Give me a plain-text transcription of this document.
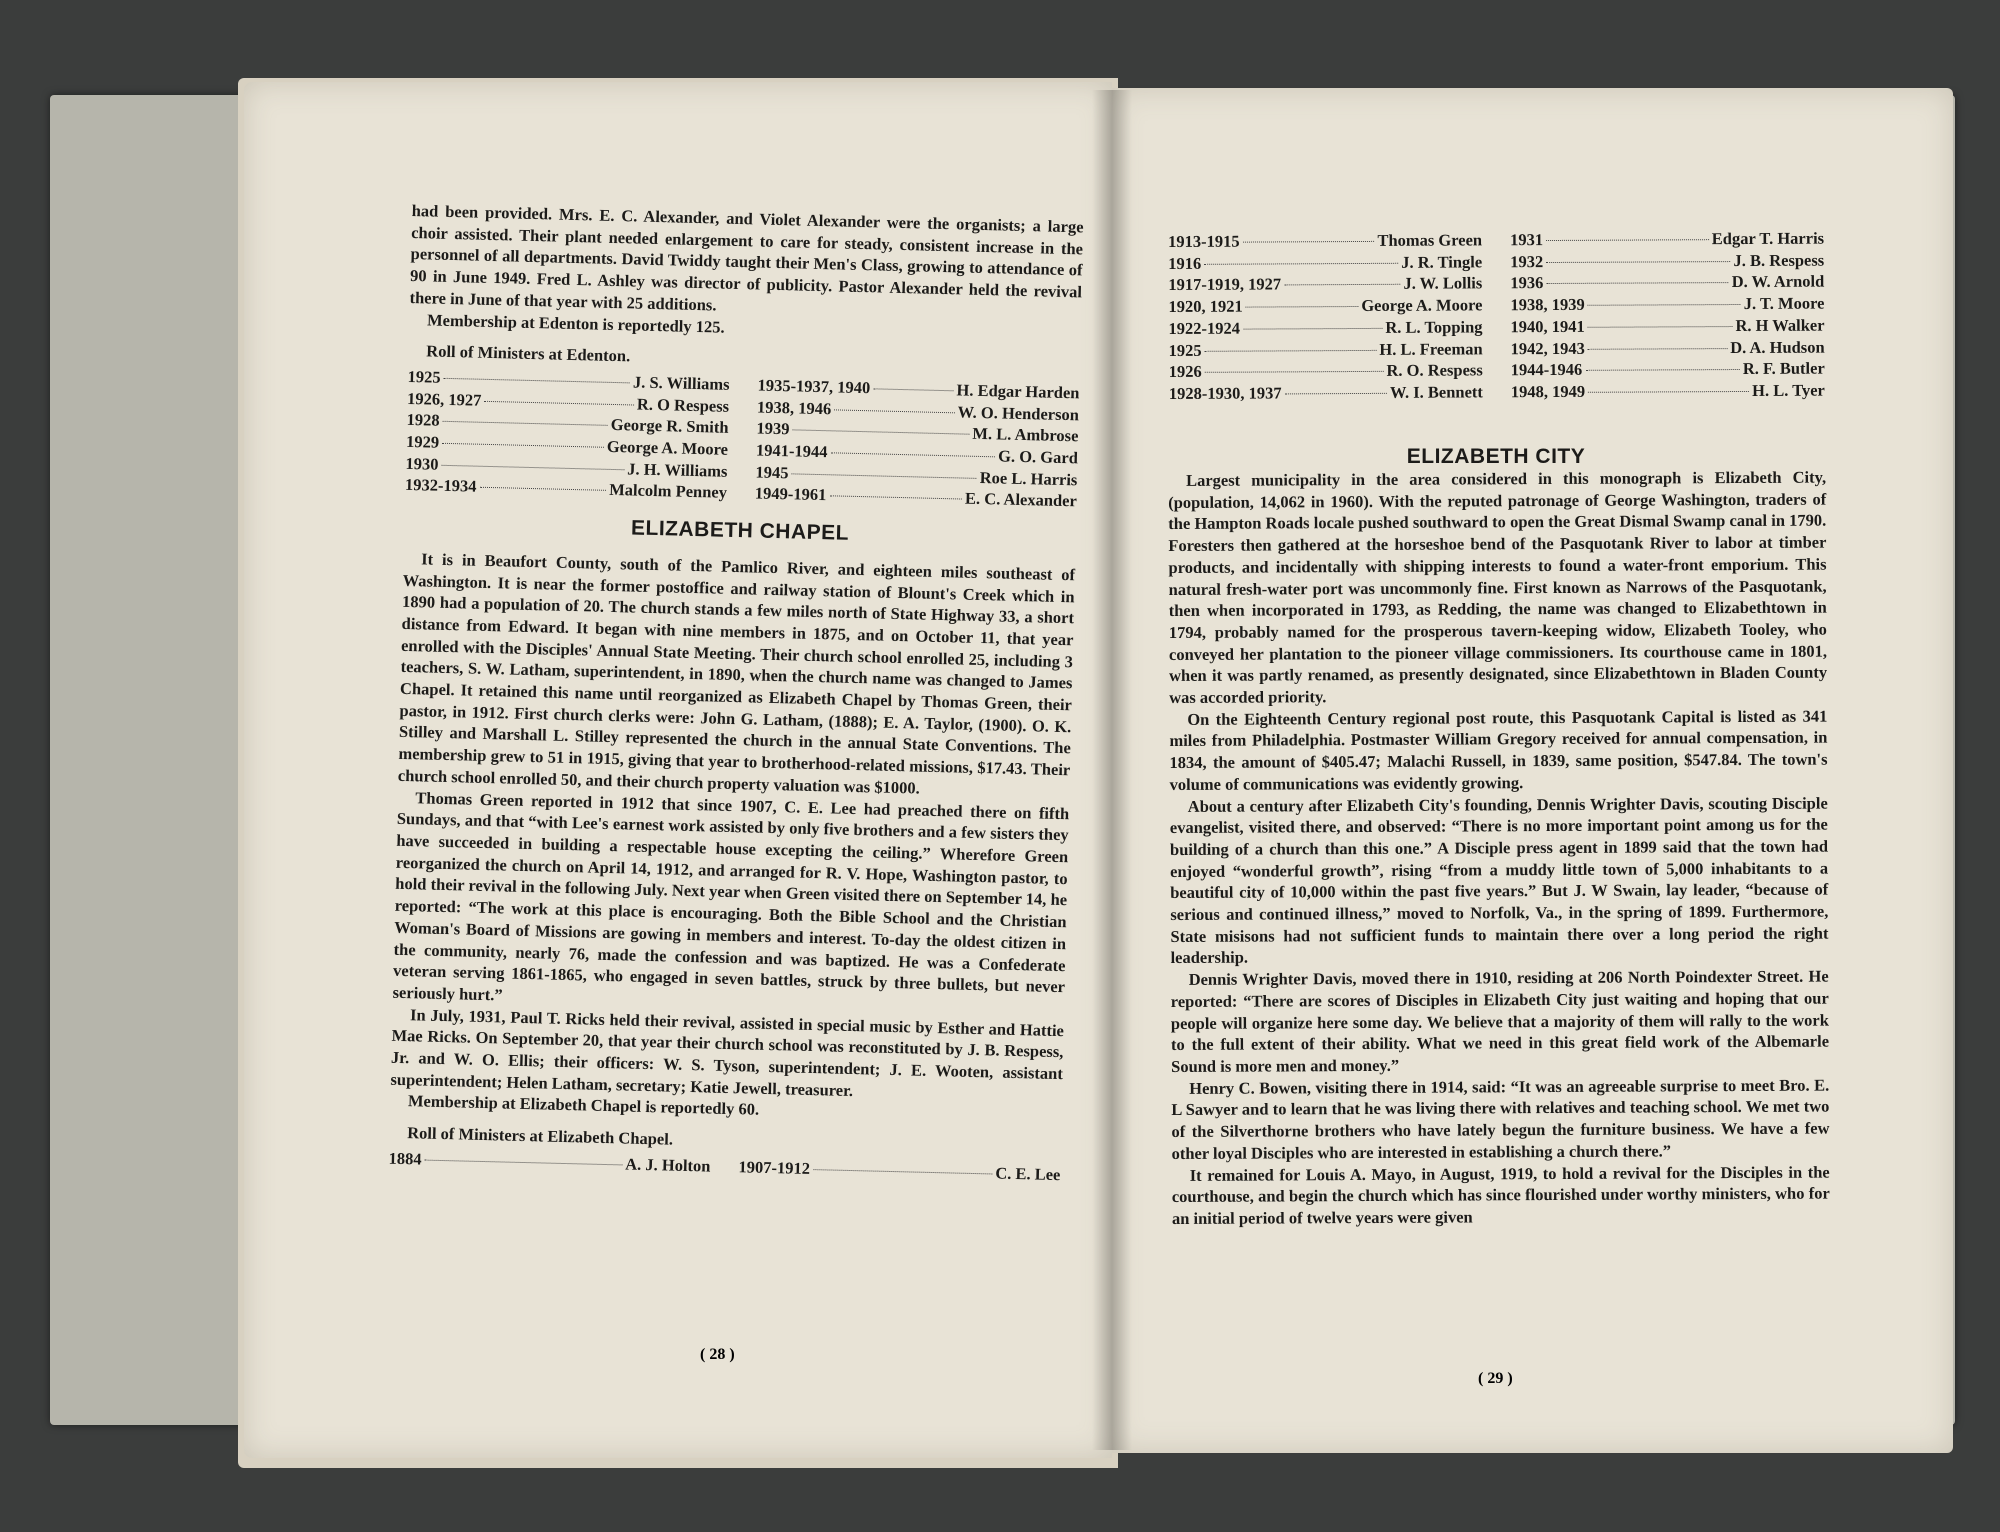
had been provided. Mrs. E. C. Alexander, and Violet Alexander were the organists; a large choir assisted. Their plant needed enlargement to care for steady, consistent increase in the personnel of all departments. David Twiddy taught their Men's Class, growing to attendance of 90 in June 1949. Fred L. Ashley was director of publicity. Pastor Alexander held the revival there in June of that year with 25 additions.

Membership at Edenton is reportedly 125.

Roll of Ministers at Edenton.

1925	J. S. Williams
1926, 1927	R. O Respess
1928	George R. Smith
1929	George A. Moore
1930	J. H. Williams
1932-1934	Malcolm Penney
1935-1937, 1940	H. Edgar Harden
1938, 1946	W. O. Henderson
1939	M. L. Ambrose
1941-1944	G. O. Gard
1945	Roe L. Harris
1949-1961	E. C. Alexander
ELIZABETH CHAPEL

It is in Beaufort County, south of the Pamlico River, and eighteen miles southeast of Washington. It is near the former postoffice and railway station of Blount's Creek which in 1890 had a population of 20. The church stands a few miles north of State Highway 33, a short distance from Edward. It began with nine members in 1875, and on October 11, that year enrolled with the Disciples' Annual State Meeting. Their church school enrolled 25, including 3 teachers, S. W. Latham, superintendent, in 1890, when the church name was changed to James Chapel. It retained this name until reorganized as Elizabeth Chapel by Thomas Green, their pastor, in 1912. First church clerks were: John G. Latham, (1888); E. A. Taylor, (1900). O. K. Stilley and Marshall L. Stilley represented the church in the annual State Conventions. The membership grew to 51 in 1915, giving that year to brotherhood-related missions, $17.43. Their church school enrolled 50, and their church property valuation was $1000.

Thomas Green reported in 1912 that since 1907, C. E. Lee had preached there on fifth Sundays, and that “with Lee's earnest work assisted by only five brothers and a few sisters they have succeeded in building a respectable house excepting the ceiling.” Wherefore Green reorganized the church on April 14, 1912, and arranged for R. V. Hope, Washington pastor, to hold their revival in the following July. Next year when Green visited there on September 14, he reported: “The work at this place is encouraging. Both the Bible School and the Christian Woman's Board of Missions are gowing in members and interest. To-day the oldest citizen in the community, nearly 76, made the confession and was baptized. He was a Confederate veteran serving 1861-1865, who engaged in seven battles, struck by three bullets, but never seriously hurt.”

In July, 1931, Paul T. Ricks held their revival, assisted in special music by Esther and Hattie Mae Ricks. On September 20, that year their church school was reconstituted by J. B. Respess, Jr. and W. O. Ellis; their officers: W. S. Tyson, superintendent; J. E. Wooten, assistant superintendent; Helen Latham, secretary; Katie Jewell, treasurer.

Membership at Elizabeth Chapel is reportedly 60.

Roll of Ministers at Elizabeth Chapel.

1884	A. J. Holton 1907-1912	C. E. Lee
( 28 )
1913-1915	Thomas Green
1916	J. R. Tingle
1917-1919, 1927	J. W. Lollis
1920, 1921	George A. Moore
1922-1924	R. L. Topping
1925	H. L. Freeman
1926	R. O. Respess
1928-1930, 1937	W. I. Bennett
1931	Edgar T. Harris
1932	J. B. Respess
1936	D. W. Arnold
1938, 1939	J. T. Moore
1940, 1941	R. H Walker
1942, 1943	D. A. Hudson
1944-1946	R. F. Butler
1948, 1949	H. L. Tyer
ELIZABETH CITY

Largest municipality in the area considered in this monograph is Elizabeth City, (population, 14,062 in 1960). With the reputed patronage of George Washington, traders of the Hampton Roads locale pushed southward to open the Great Dismal Swamp canal in 1790. Foresters then gathered at the horseshoe bend of the Pasquotank River to labor at timber products, and incidentally with shipping interests to found a water-front emporium. This natural fresh-water port was uncommonly fine. First known as Narrows of the Pasquotank, then when incorporated in 1793, as Redding, the name was changed to Elizabethtown in 1794, probably named for the prosperous tavern-keeping widow, Elizabeth Tooley, who conveyed her plantation to the pioneer village commissioners. Its courthouse came in 1801, when it was partly renamed, as presently designated, since Elizabethtown in Bladen County was accorded priority.

On the Eighteenth Century regional post route, this Pasquotank Capital is listed as 341 miles from Philadelphia. Postmaster William Gregory received for annual compensation, in 1834, the amount of $405.47; Malachi Russell, in 1839, same position, $547.84. The town's volume of communications was evidently growing.

About a century after Elizabeth City's founding, Dennis Wrighter Davis, scouting Disciple evangelist, visited there, and observed: “There is no more important point among us for the building of a church than this one.” A Disciple press agent in 1899 said that the town had enjoyed “wonderful growth”, rising “from a muddy little town of 5,000 inhabitants to a beautiful city of 10,000 within the past five years.” But J. W Swain, lay leader, “because of serious and continued illness,” moved to Norfolk, Va., in the spring of 1899. Furthermore, State misisons had not sufficient funds to maintain there over a long period the right leadership.

Dennis Wrighter Davis, moved there in 1910, residing at 206 North Poindexter Street. He reported: “There are scores of Disciples in Elizabeth City just waiting and hoping that our people will organize here some day. We believe that a majority of them will rally to the work to the full extent of their ability. What we need in this great field work of the Albemarle Sound is more men and money.”

Henry C. Bowen, visiting there in 1914, said: “It was an agreeable surprise to meet Bro. E. L Sawyer and to learn that he was living there with relatives and teaching school. We met two of the Silverthorne brothers who have lately begun the furniture business. We have a few other loyal Disciples who are interested in establishing a church there.”

It remained for Louis A. Mayo, in August, 1919, to hold a revival for the Disciples in the courthouse, and begin the church which has since flourished under worthy ministers, who for an initial period of twelve years were given

( 29 )
